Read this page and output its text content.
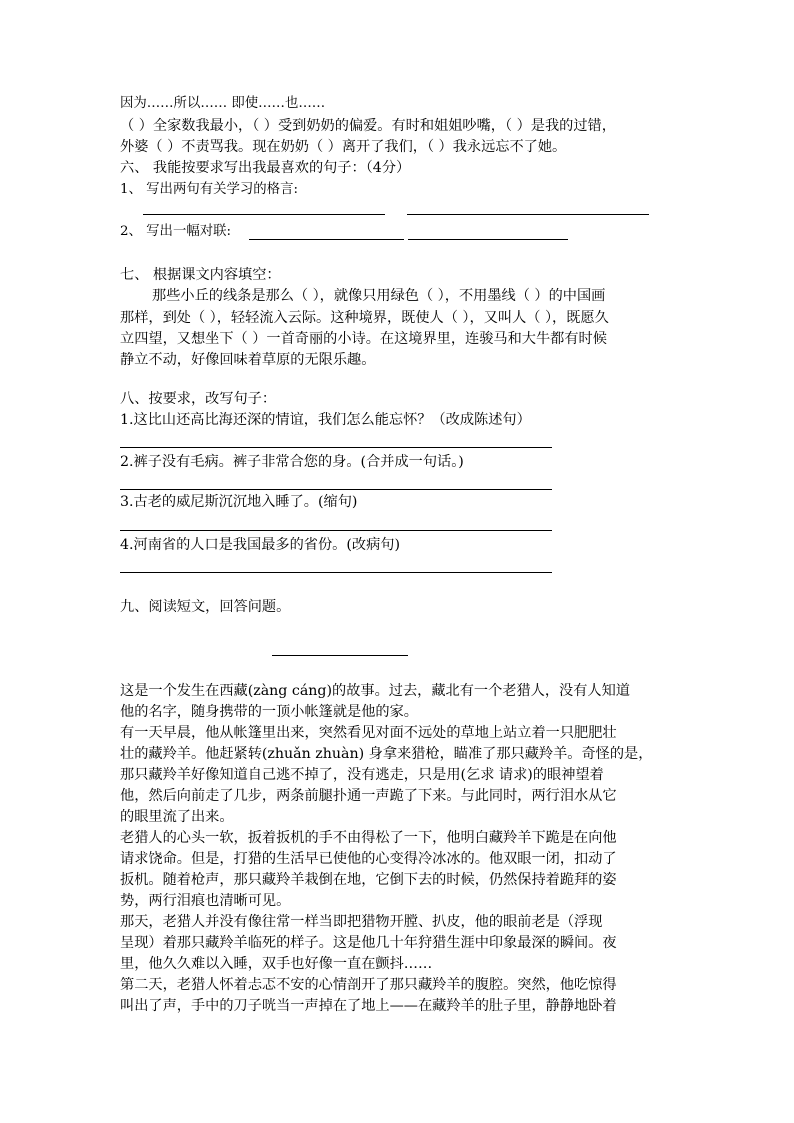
因为……所以…… 即使……也……
（ ）全家数我最小，（ ）受到奶奶的偏爱。有时和姐姐吵嘴，（ ）是我的过错，
外婆（ ）不责骂我。现在奶奶（ ）离开了我们，（ ）我永远忘不了她。
六、 我能按要求写出我最喜欢的句子：（4分）
1、 写出两句有关学习的格言:
2、 写出一幅对联:
七、 根据课文内容填空：
那些小丘的线条是那么（ ），就像只用绿色（ ），不用墨线（ ）的中国画
那样，到处（ ），轻轻流入云际。这种境界，既使人（ ），又叫人（ ），既愿久
立四望，又想坐下（ ）一首奇丽的小诗。在这境界里，连骏马和大牛都有时候
静立不动，好像回味着草原的无限乐趣。
八、按要求，改写句子：
1.这比山还高比海还深的情谊，我们怎么能忘怀？（改成陈述句）
2.裤子没有毛病。裤子非常合您的身。(合并成一句话。)
3.古老的威尼斯沉沉地入睡了。(缩句)
4.河南省的人口是我国最多的省份。(改病句)
九、阅读短文，回答问题。
这是一个发生在西藏(zàng cáng)的故事。过去，藏北有一个老猎人，没有人知道
他的名字，随身携带的一顶小帐篷就是他的家。
有一天早晨，他从帐篷里出来，突然看见对面不远处的草地上站立着一只肥肥壮
壮的藏羚羊。他赶紧转(zhuǎn zhuàn) 身拿来猎枪，瞄准了那只藏羚羊。奇怪的是，
那只藏羚羊好像知道自己逃不掉了，没有逃走，只是用(乞求 请求)的眼神望着
他，然后向前走了几步，两条前腿扑通一声跪了下来。与此同时，两行泪水从它
的眼里流了出来。
老猎人的心头一软，扳着扳机的手不由得松了一下，他明白藏羚羊下跪是在向他
请求饶命。但是，打猎的生活早已使他的心变得冷冰冰的。他双眼一闭，扣动了
扳机。随着枪声，那只藏羚羊栽倒在地，它倒下去的时候，仍然保持着跪拜的姿
势，两行泪痕也清晰可见。
那天，老猎人并没有像往常一样当即把猎物开膛、扒皮，他的眼前老是（浮现
呈现）着那只藏羚羊临死的样子。这是他几十年狩猎生涯中印象最深的瞬间。夜
里，他久久难以入睡，双手也好像一直在颤抖……
第二天，老猎人怀着忐忑不安的心情剖开了那只藏羚羊的腹腔。突然，他吃惊得
叫出了声，手中的刀子咣当一声掉在了地上——在藏羚羊的肚子里，静静地卧着
